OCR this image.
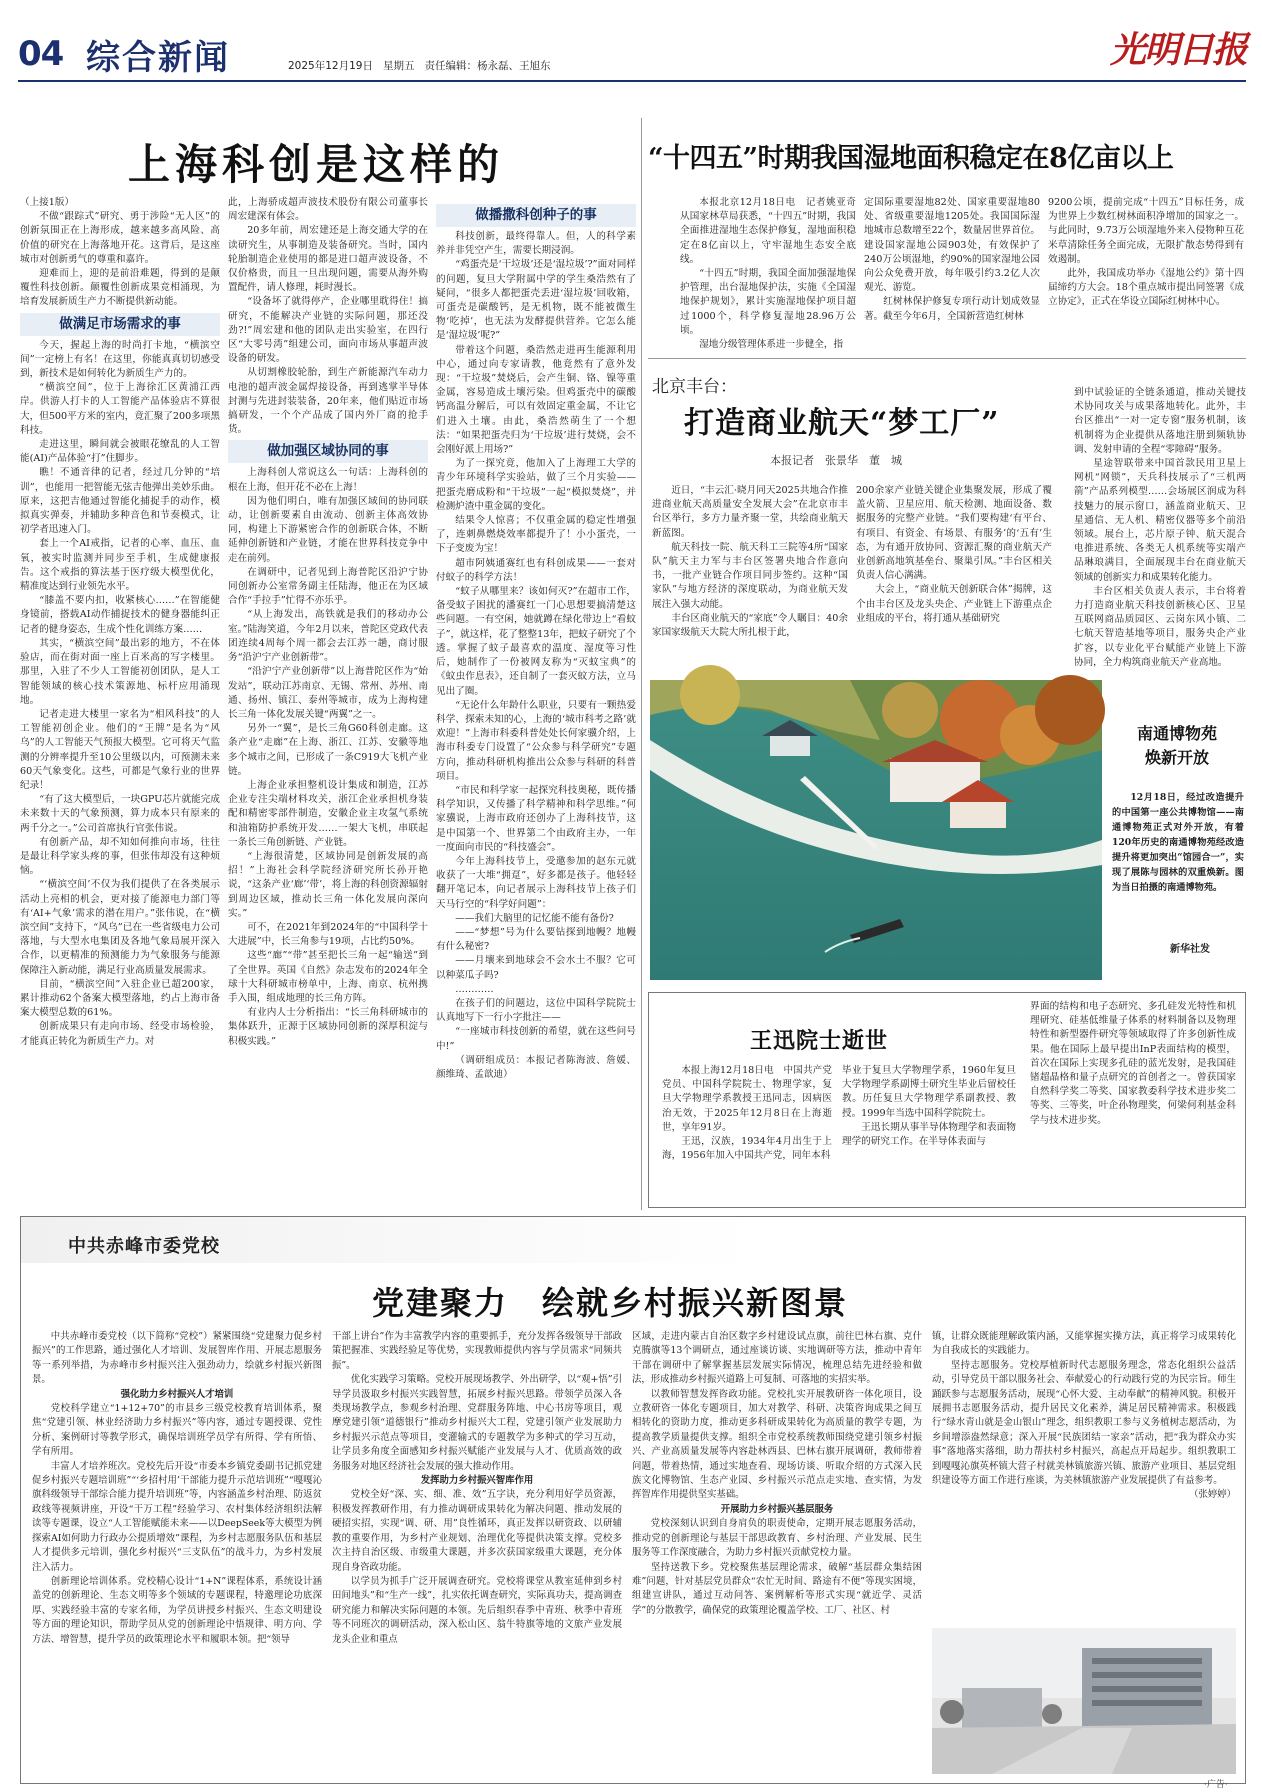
04 综合新闻	2025年12月19日 星期五 责任编辑：杨永磊、王旭东	光明日报
上海科创是这样的
（上接1版）
不做“跟踪式”研究、勇于涉险“无人区”的创新氛围正在上海形成，越来越多高风险、高价值的研究在上海落地开花。这背后，是这座城市对创新勇气的尊重和嘉许。
迎难而上，迎的是前沿难题，得到的是颠覆性科技创新。颠覆性创新成果竞相涌现，为培育发展新质生产力不断提供新动能。
做满足市场需求的事
今天，握起上海的时尚打卡地，“横滨空间”一定榜上有名！在这里，你能真真切切感受到，新技术是如何转化为新质生产力的。
“横滨空间”，位于上海徐汇区黄浦江西岸。供游人打卡的人工智能产品体验店不算很大，但500平方米的室内，竟汇聚了200多项黑科技。
走进这里，瞬间就会被眼花缭乱的人工智能(AI)产品体验“打”住脚步。
瞧！不通音律的记者，经过几分钟的“培训”，也能用一把智能无弦吉他弹出美妙乐曲。原来，这把吉他通过智能化捕捉手的动作，模拟真实弹奏，并辅助多种音色和节奏模式，让初学者迅速入门。
套上一个AI戒指，记者的心率、血压、血氧，被实时监测并同步至手机，生成健康报告。这个戒指的算法基于医疗级大模型优化，精准度达到行业领先水平。
“膝盖不要内扣，收紧核心……”在智能健身镜前，搭载AI动作捕捉技术的健身器能纠正记者的健身姿态，生成个性化训练方案……
其实，“横滨空间”最出彩的地方，不在体验店，而在街对面一座上百米高的写字楼里。那里，入驻了不少人工智能初创团队，是人工智能领域的核心技术策源地、标杆应用涌现地。
记者走进大楼里一家名为“相风科技”的人工智能初创企业。他们的“王牌”是名为“风乌”的人工智能天气预报大模型。它可将天气监测的分辨率提升至10公里级以内，可预测未来60天气象变化。这些，可都是气象行业的世界纪录！
“有了这大模型后，一块GPU芯片就能完成未来数十天的气象预测，算力成本只有原来的两千分之一。”公司首席执行官张伟说。
有创新产品，却不知如何推向市场，往往是最让科学家头疼的事，但张伟却没有这种烦恼。
“‘横滨空间’不仅为我们提供了在各类展示活动上亮相的机会，更对接了能源电力部门等有‘AI+气象’需求的潜在用户。”张伟说，在“横滨空间”支持下，“风乌”已在一些省级电力公司落地，与大型水电集团及各地气象局展开深入合作，以更精准的预测能力为气象服务与能源保障注入新动能，满足行业高质量发展需求。
目前，“横滨空间”入驻企业已超200家，累计推动62个备案大模型落地，约占上海市备案大模型总数的61%。
创新成果只有走向市场、经受市场检验，才能真正转化为新质生产力。对
此，上海骄成超声波技术股份有限公司董事长周宏建深有体会。
20多年前，周宏建还是上海交通大学的在读研究生，从事制造及装备研究。当时，国内轮胎制造企业使用的都是进口超声波设备，不仅价格贵，而且一旦出现问题，需要从海外购置配件，请人修理，耗时漫长。
“设备坏了就得停产，企业哪里耽得住！搞研究，不能解决产业链的实际问题，那还没劲?!”周宏建和他的团队走出实验室，在四行区“大零号湾”组建公司，面向市场从事超声波设备的研发。
从切割橡胶轮胎，到生产新能源汽车动力电池的超声波金属焊接设备，再到逃掌半导体封测与先进封装装备，20年来，他们贴近市场搞研发，一个个产品成了国内外厂商的抢手货。
做加强区域协同的事
上海科创人常说这么一句话：上海科创的根在上海，但开花不必在上海！
因为他们明白，唯有加强区域间的协同联动，让创新要素自由流动、创新主体高效协同，构建上下游紧密合作的创新联合体，不断延伸创新链和产业链，才能在世界科技竞争中走在前列。
在调研中，记者见到上海普陀区沿沪宁协同创新办公室常务副主任陆海，他正在为区域合作“手拉手”忙得不亦乐乎。
“从上海发出，高铁就是我们的移动办公室。”陆海笑道，今年2月以来，普陀区党政代表团连续4周每个周一都会去江苏一趟，商讨服务“沿沪宁产业创新带”。
“沿沪宁产业创新带”以上海普陀区作为“始发站”，联动江苏南京、无锡、常州、苏州、南通、扬州、镇江、泰州等城市，成为上海构建长三角一体化发展关键“两翼”之一。
另外一“翼”，是长三角G60科创走廊。这条产业“走廊”在上海、浙江、江苏、安徽等地多个城市之间，已形成了一条C919大飞机产业链。
上海企业承担整机设计集成和制造，江苏企业专注尖端材料攻关，浙江企业承担机身装配和精密零部件制造，安徽企业主攻氢气系统和油箱防护系统开发……一架大飞机，串联起一条长三角创新链、产业链。
“上海很清楚，区域协同是创新发展的高招！”上海社会科学院经济研究所长孙开艳说，“这条产业‘廊’‘带’，将上海的科创资源辐射到周边区域，推动长三角一体化发展向深向实。”
可不，在2021年到2024年的“中国科学十大进展”中，长三角参与19项，占比约50%。
这些“廊”“带”甚至把长三角一起“输送”到了全世界。英国《自然》杂志发布的2024年全球十大科研城市榜单中，上海、南京、杭州携手入围，组成地理的长三角方阵。
有业内人士分析指出：“长三角科研城市的集体跃升，正源于区域协同创新的深厚积淀与积极实践。”
做播撒科创种子的事
科技创新，最终得靠人。但，人的科学素养并非凭空产生，需要长期浸润。
“鸡蛋壳是‘干垃圾’还是‘湿垃圾’?”面对同样的问题，复旦大学附属中学的学生桑浩然有了疑问，“很多人都把蛋壳丢进‘湿垃圾’回收箱，可蛋壳是碳酸钙，是无机物，既不能被微生物‘吃掉’，也无法为发酵提供营养。它怎么能是‘湿垃圾’呢?”
带着这个问题，桑浩然走进再生能源利用中心，通过向专家请教，他竟然有了意外发现：“干垃圾”焚烧后，会产生铜、铬、镍等重金属，容易造成土壤污染。但鸡蛋壳中的碳酸钙高温分解后，可以有效固定重金属，不让它们进入土壤。由此，桑浩然萌生了一个想法：“如果把蛋壳归为‘干垃圾’进行焚烧，会不会刚好派上用场?”
为了一探究竟，他加入了上海理工大学的青少年环境科学实验站，做了三个月实验——把蛋壳磨成粉和“干垃圾”一起“模拟焚烧”，并检测炉渣中重金属的变化。
结果令人惊喜；不仅重金属的稳定性增强了，连刺鼻燃烧效率都提升了！小小蛋壳，一下子变废为宝！
超市阿姨通赛红也有科创成果——一套对付蚊子的科学方法！
“蚊子从哪里来？该如何灭?”在超市工作，备受蚊子困扰的潘赛红一门心思想要搞清楚这些问题。一有空闲，她就蹲在绿化带边上“看蚊子”，就这样，花了整整13年，把蚊子研究了个透。掌握了蚊子最喜欢的温度、湿度等习性后，她制作了一份被网友称为“灭蚊宝典”的《蚊虫作息表》，还自制了一套灭蚊方法，立马见出了圈。
“无论什么年龄什么职业，只要有一颗热爱科学、探索未知的心，上海的‘城市科考之路’就欢迎！”上海市科委科普处处长何家骥介绍，上海市科委专门设置了“公众参与科学研究”专题方向，推动科研机构推出公众参与科研的科普项目。
“市民和科学家一起探究科技奥秘，既传播科学知识，又传播了科学精神和科学思维。”何家骥说，上海市政府还创办了上海科技节，这是中国第一个、世界第二个由政府主办，一年一度面向市民的“科技盛会”。
今年上海科技节上，受邀参加的赵东元就收获了一大堆“拥趸”，好多都是孩子。他轻轻翻开笔记本，向记者展示上海科技节上孩子们天马行空的“科学好问题”：
——我们大脑里的记忆能不能有备份?
——“梦想”号为什么要钻探到地幔？地幔有什么秘密?
——月壤来到地球会不会水土不服？它可以种菜瓜子吗?
…………
在孩子们的问题边，这位中国科学院院士认真地写下一行小字批注——
“一座城市科技创新的希望，就在这些问号中!”
（调研组成员：本报记者陈海波、詹媛、颜维琦、孟歆迪）
“十四五”时期我国湿地面积稳定在8亿亩以上
本报北京12月18日电　记者姚亚奇 从国家林草局获悉，“十四五”时期，我国全面推进湿地生态保护修复，湿地面积稳定在8亿亩以上，守牢湿地生态安全底线。
“十四五”时期，我国全面加强湿地保护管理，出台湿地保护法，实施《全国湿地保护规划》，累计实施湿地保护项目超过1000个，科学修复湿地28.96万公顷。
湿地分级管理体系进一步健全，指
定国际重要湿地82处、国家重要湿地80处、省级重要湿地1205处。我国国际湿地城市总数增至22个，数量居世界首位。建设国家湿地公园903处，有效保护了240万公顷湿地，约90%的国家湿地公园向公众免费开放，每年吸引约3.2亿人次观光、游览。
红树林保护修复专项行动计划成效显著。截至今年6月，全国新营造红树林
9200公顷，提前完成“十四五”目标任务，成为世界上少数红树林面积净增加的国家之一。与此同时，9.73万公顷湿地外来入侵物种互花米草清除任务全面完成，无限扩散态势得到有效遏制。
此外，我国成功举办《湿地公约》第十四届缔约方大会。18个重点城市提出同签署《成立协定》，正式在华设立国际红树林中心。
北京丰台：
打造商业航天“梦工厂”
本报记者　张景华　董　城
近日，“丰云汇·晓月同天2025共地合作推进商业航天高质量安全发展大会”在北京市丰台区举行，多方力量齐聚一堂，共绘商业航天新蓝图。
航天科技一院、航天科工三院等4所“国家队”航天主力军与丰台区签署央地合作意向书，一批产业链合作项目同步签约。这种“国家队”与地方经济的深度联动，为商业航天发展注入强大动能。
丰台区商业航天的“家底”令人瞩目：40余家国家级航天大院大所扎根于此，
200余家产业链关键企业集聚发展，形成了覆盖火箭、卫星应用、航天检测、地面设备、数据服务的完整产业链。“我们要构建‘有平台、有项目、有资金、有场景、有服务’的‘五有’生态，为有通开放协同、资源汇聚的商业航天产业创新高地筑基垒台、聚巢引凤。”丰台区相关负责人信心满满。
大会上，“商业航天创新联合体”揭牌，这个由丰台区及龙头央企、产业链上下游重点企业组成的平台，将打通从基础研究
到中试验证的全链条通道，推动关键技术协同攻关与成果落地转化。此外，丰台区推出“一对一定专窗”服务机制，该机制将为企业提供从落地注册到频轨协调、发射申请的全程“零障碍”服务。
星途智联带来中国首款民用卫星上网机“网锁”，天兵科技展示了“三机两箭”产品系列模型……会场展区润成为科技魅力的展示窗口，涵盖商业航天、卫星通信、无人机、精密仪器等多个前沿领域。展台上，芯片原子钟、航天混合电推进系统、各类无人机系统等实端产品琳琅满目，全面展现丰台在商业航天领域的创新实力和成果转化能力。
丰台区相关负责人表示，丰台将着力打造商业航天科技创新核心区、卫星互联网商品质园区、云岗东风小镇、二七航天智造基地等项目，服务央企产业扩容，以专业化平台赋能产业链上下游协同，全力构筑商业航天产业高地。
南通博物苑
焕新开放
12月18日，经过改造提升的中国第一座公共博物馆——南通博物苑正式对外开放，有着120年历史的南通博物苑经改造提升将更加突出“馆园合一”，实现了展陈与园林的双重焕新。图为当日拍摄的南通博物苑。
新华社发
王迅院士逝世
本报上海12月18日电　中国共产党党员、中国科学院院士、物理学家，复旦大学物理学系教授王迅同志，因病医治无效，于2025年12月8日在上海逝世，享年91岁。
王迅，汉族，1934年4月出生于上海，1956年加入中国共产党，同年本科
毕业于复旦大学物理学系，1960年复旦大学物理学系副博士研究生毕业后留校任教。历任复旦大学物理学系副教授、教授。1999年当选中国科学院院士。
王迅长期从事半导体物理学和表面物理学的研究工作。在半导体表面与
界面的结构和电子态研究、多孔硅发光特性和机理研究、硅基低维量子体系的材料制备以及物理特性和新型器件研究等领域取得了许多创新性成果。他在国际上最早提出InP表面结构的模型，首次在国际上实现多孔硅的蓝光发射，是我国硅锗超晶格和量子点研究的首创者之一。曾获国家自然科学奖二等奖、国家教委科学技术进步奖二等奖、三等奖，叶企孙物理奖，何梁何利基金科学与技术进步奖。
中共赤峰市委党校
党建聚力　绘就乡村振兴新图景
中共赤峰市委党校（以下简称“党校”）紧紧围绕“党建聚力促乡村振兴”的工作思路，通过强化人才培训、发展智库作用、开展志愿服务等一系列举措，为赤峰市乡村振兴注入强劲动力，绘就乡村振兴新图景。
强化助力乡村振兴人才培训
党校科学建立“1+12+70”的市县乡三级党校教育培训体系，聚焦“党建引领、林业经济助力乡村振兴”等内容，通过专题授课、党性分析、案例研讨等教学形式，确保培训班学员学有所得、学有所悟、学有所用。
丰富人才培养班次。党校先后开设“市委本乡镇党委副书记抓党建促乡村振兴专题培训班”“‘乡招村用’干部能力提升示范培训班”“嘎嘎沁旗科级领导干部综合能力提升培训班”等，内容涵盖乡村治理、防返贫政线等视频讲座，开设“干万工程”经验学习、农村集体经济组织法解读等专题课，设立“人工智能赋能未来——以DeepSeek等大模型为例探索AI如何助力行政办公提质增效”课程，为乡村志愿服务队伍和基层人才提供多元培训，强化乡村振兴“三支队伍”的战斗力，为乡村发展注入活力。
创新理论培训体系。党校精心设计“1+N”课程体系，系统设计涵盖党的创新理论、生态文明等多个领域的专题课程，特邀理论功底深厚、实践经验丰富的专家名师，为学员讲授乡村振兴、生态文明建设等方面的理论知识，帮助学员从党的创新理论中悟规律、明方向、学方法、增智慧，提升学员的政策理论水平和履职本领。把“领导
干部上讲台”作为丰富教学内容的重要抓手，充分发挥各级领导干部政策把握准、实践经验足等优势，实现教师提供内容与学员需求“同频共振”。
优化实践学习策略。党校开展现场教学、外出研学，以“观+悟”引导学员汲取乡村振兴实践智慧，拓展乡村振兴思路。带领学员深入各类现场教学点，参观乡村治理、党群服务阵地、中心书房等项目，观摩党建引领“道德银行”推动乡村振兴大工程，党建引领产业发展助力乡村振兴示范点等项目，变灌输式的专题教学为多种式的学习互动，让学员多角度全面感知乡村振兴赋能产业发展与人才、优质高效的政务服务对地区经济社会发展的强大推动作用。
发挥助力乡村振兴智库作用
党校全好“深、实、细、准、效”五字诀，充分利用好学员资源，积极发挥教研作用，有力推动调研成果转化为解决问题、推动发展的硬招实招，实现“调、研、用”良性循环，真正发挥以研资政、以研辅教的重要作用，为乡村产业规划、治理优化等提供决策支撑。党校多次主持自治区级、市级重大课题，并多次获国家级重大课题，充分体现自身咨政功能。
以学员为抓手广泛开展调查研究。党校将课堂从教室延伸到乡村田间地头”和“生产一线”，扎实依托调查研究，实际真功夫，提高调查研究能力和解决实际问题的本领。先后组织春季中青班、秋季中青班等不同班次的调研活动，深入松山区、翁牛特旗等地的文旅产业发展龙头企业和重点
区域，走进内蒙古自治区数字乡村建设试点旗，前往巴林右旗、克什克腾旗等13个调研点，通过座谈访谈、实地调研等方法，推动中青年干部在调研中了解掌握基层发展实际情况，梳理总结先进经验和做法，形成推动乡村振兴道路上可复制、可落地的实招实举。
以教师智慧发挥咨政功能。党校扎实开展教研咨一体化项目，设立教研咨一体化专题项目，加大对教学、科研、决策咨询成果之间互相转化的资助力度，推动更多科研成果转化为高质量的教学专题，为提高教学质量提供支撑。组织全市党校系统教师围绕党建引领乡村振兴、产业高质量发展等内容赴林西县、巴林右旗开展调研，教师带着问题，带着热情，通过实地查看、现场访谈、听取介绍的方式深入民族文化博物馆、生态产业园、乡村振兴示范点走实地、查实情，为发挥智库作用提供坚实基础。
开展助力乡村振兴基层服务
党校深刻认识到自身肩负的职责使命，定期开展志愿服务活动，推动党的创新理论与基层干部思政教育、乡村治理、产业发展、民生服务等工作深度融合，为助力乡村振兴贡献党校力量。
坚持送教下乡。党校聚焦基层理论需求，破解“基层群众集结困难”问题，针对基层党员群众“农忙无时间、路途有不便”等现实困境，组建宣讲队，通过互动问答、案例解析等形式实现“就近学、灵活学”的分散教学，确保党的政策理论覆盖学校、工厂、社区、村
镇，让群众既能理解政策内涵，又能掌握实操方法，真正将学习成果转化为自我成长的实践能力。
坚持志愿服务。党校厚植新时代志愿服务理念，常态化组织公益活动，引导党员干部以服务社会、奉献爱心的行动践行党的为民宗旨。师生踊跃参与志愿服务活动，展现“心怀大爱、主动奉献”的精神风貌。积极开展拥书志愿服务活动，提升居民文化素养，满足居民精神需求。积极践行“绿水青山就是金山银山”理念，组织教职工参与义务植树志愿活动，为乡间增添盎然绿意；深入开展“民族团结一家亲”活动，把“我为群众办实事”落地落实落细，助力帮扶村乡村振兴，高起点开局起步。组织教职工到嘎嘎沁旗英杯镇大营子村就美林镇旅游兴镇、旅游产业项目、基层党组织建设等方面工作进行座谈，为美林镇旅游产业发展提供了有益参考。
（张婷婷）
·广告·
